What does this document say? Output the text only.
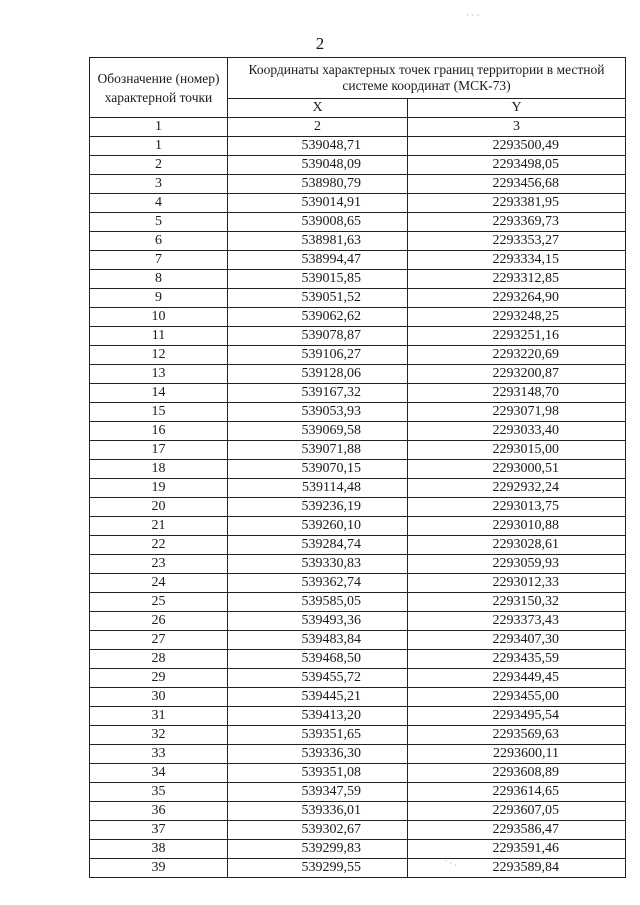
· · ·
· · ·
2
Обозначение (номер) характерной точки	Координаты характерных точек границ территории в местной системе координат (МСК-73)	
	X	Y
1	2	3
1	539048,71	2293500,49
2	539048,09	2293498,05
3	538980,79	2293456,68
4	539014,91	2293381,95
5	539008,65	2293369,73
6	538981,63	2293353,27
7	538994,47	2293334,15
8	539015,85	2293312,85
9	539051,52	2293264,90
10	539062,62	2293248,25
11	539078,87	2293251,16
12	539106,27	2293220,69
13	539128,06	2293200,87
14	539167,32	2293148,70
15	539053,93	2293071,98
16	539069,58	2293033,40
17	539071,88	2293015,00
18	539070,15	2293000,51
19	539114,48	2292932,24
20	539236,19	2293013,75
21	539260,10	2293010,88
22	539284,74	2293028,61
23	539330,83	2293059,93
24	539362,74	2293012,33
25	539585,05	2293150,32
26	539493,36	2293373,43
27	539483,84	2293407,30
28	539468,50	2293435,59
29	539455,72	2293449,45
30	539445,21	2293455,00
31	539413,20	2293495,54
32	539351,65	2293569,63
33	539336,30	2293600,11
34	539351,08	2293608,89
35	539347,59	2293614,65
36	539336,01	2293607,05
37	539302,67	2293586,47
38	539299,83	2293591,46
39	539299,55	2293589,84
